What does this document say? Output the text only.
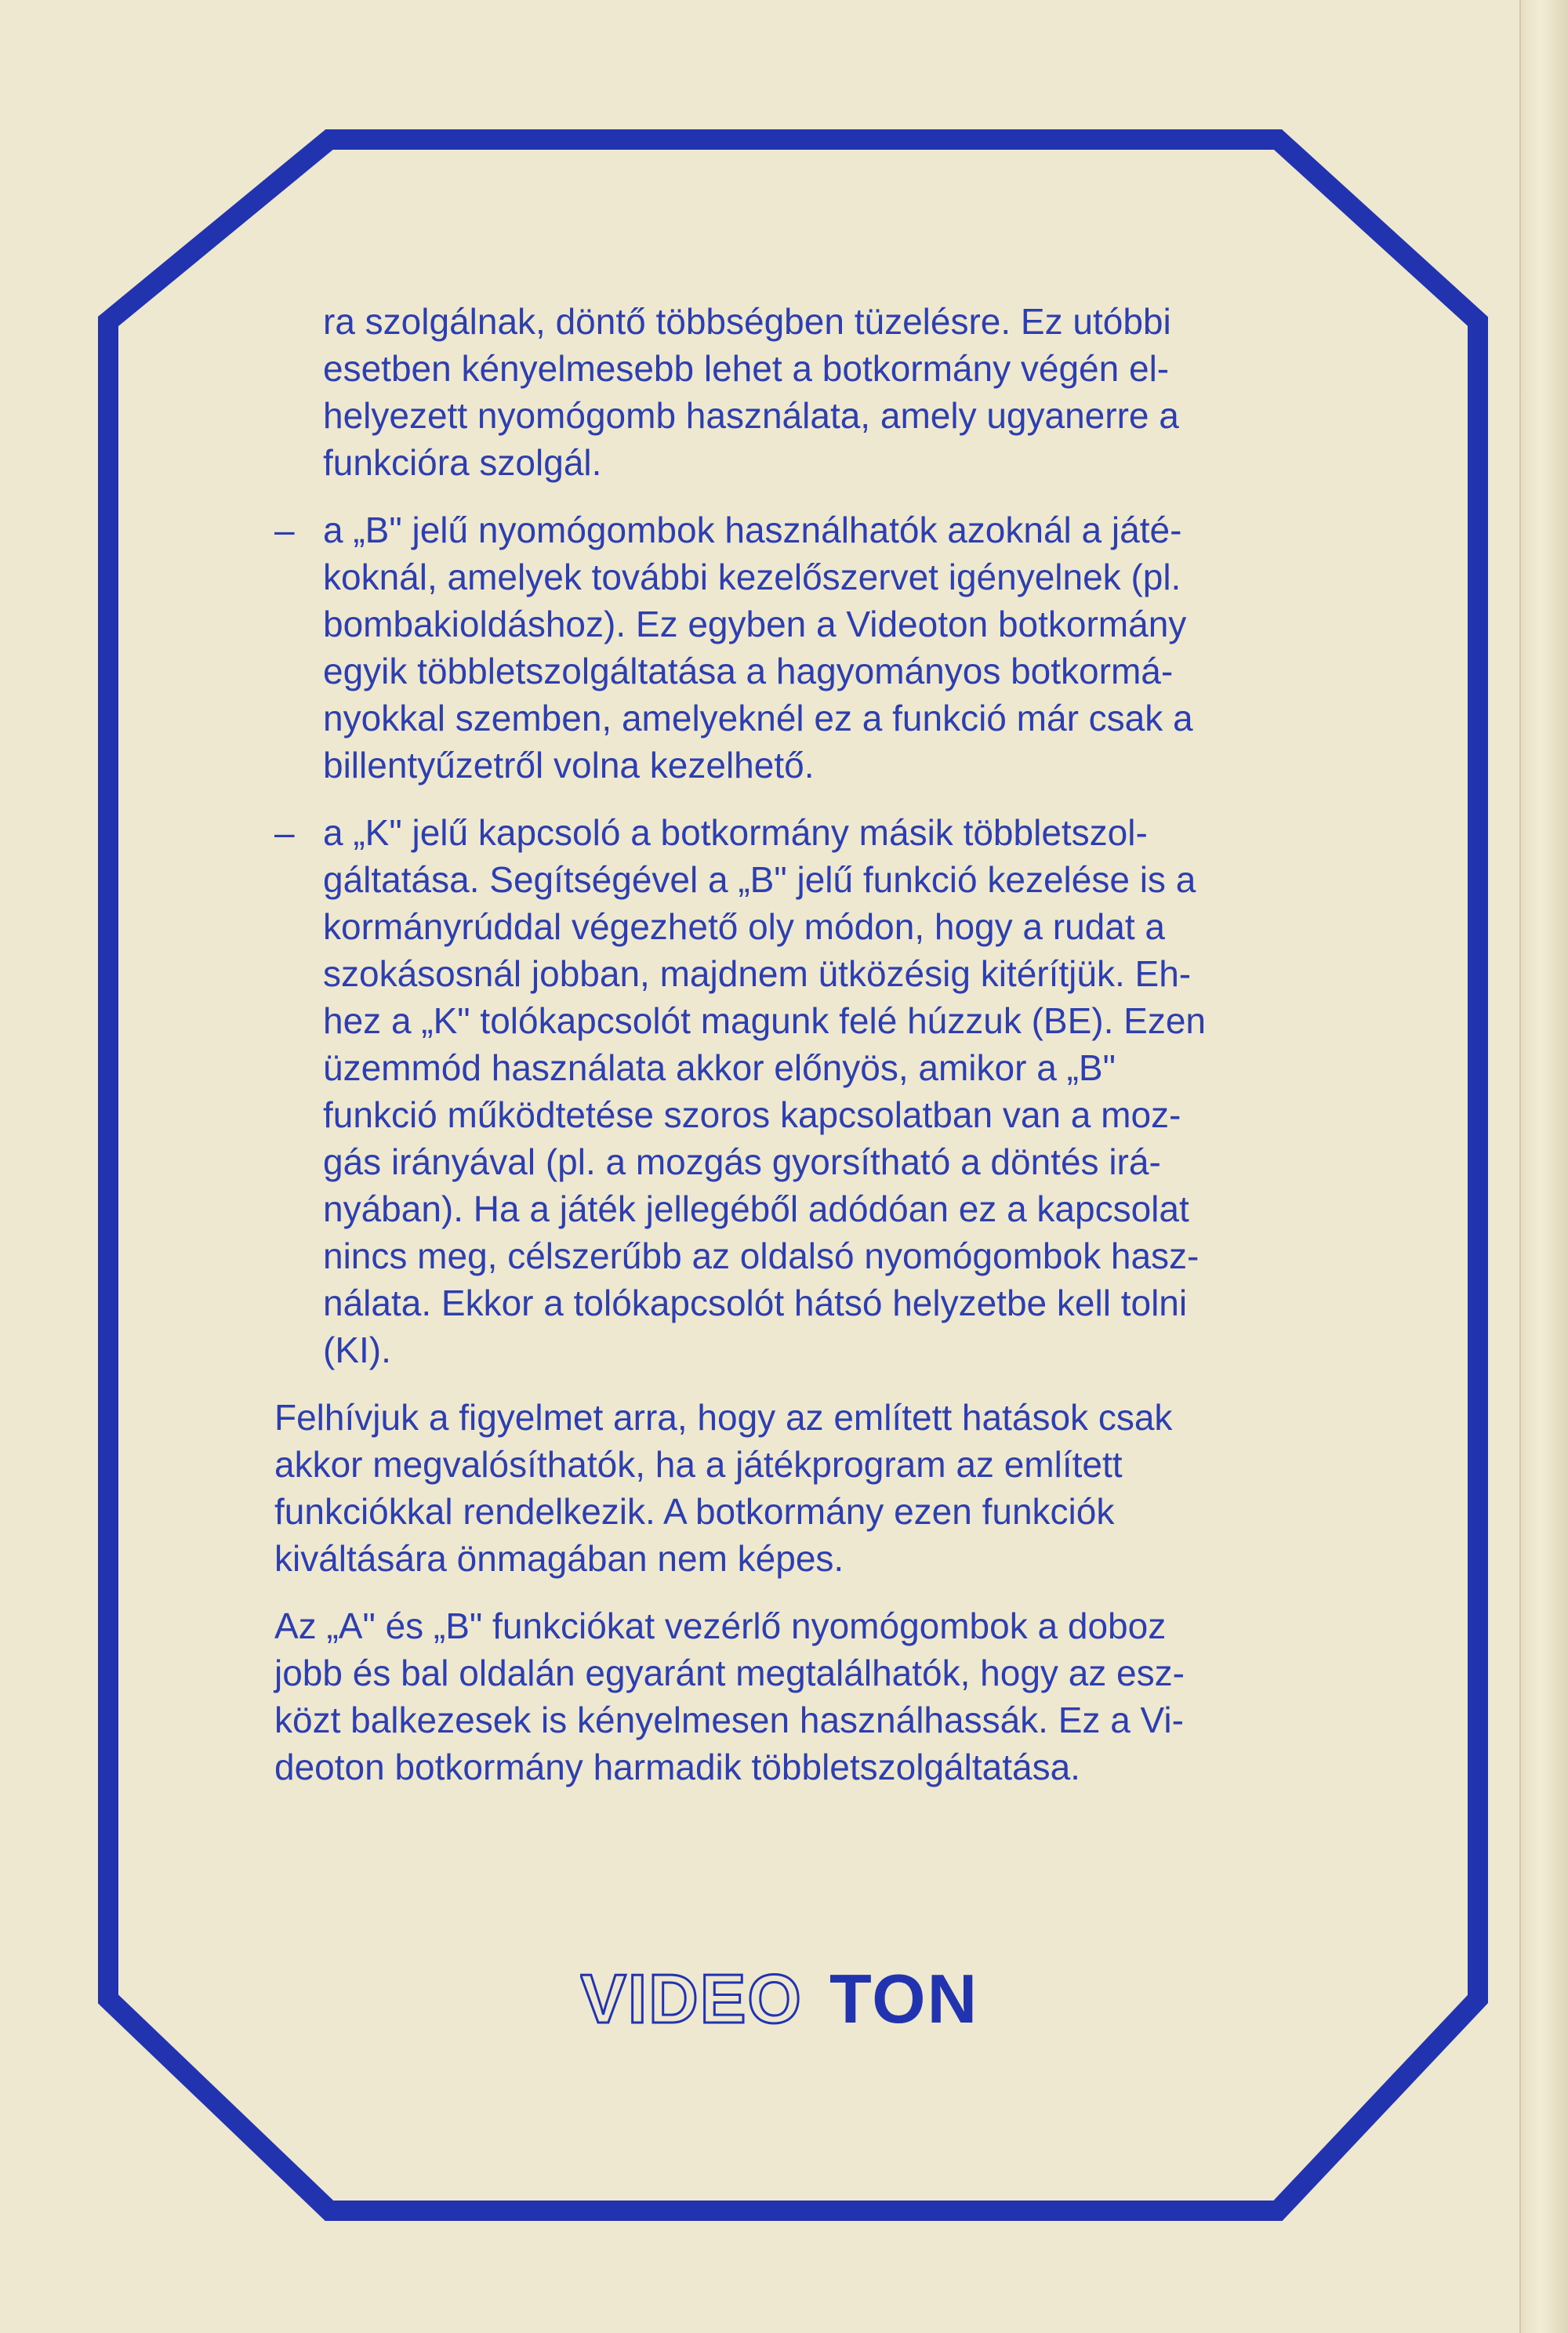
ra szolgálnak, döntő többségben tüzelésre. Ez utóbbi
esetben kényelmesebb lehet a botkormány végén el-
helyezett nyomógomb használata, amely ugyanerre a
funkcióra szolgál.
– a „B" jelű nyomógombok használhatók azoknál a játé-
koknál, amelyek további kezelőszervet igényelnek (pl.
bombakioldáshoz). Ez egyben a Videoton botkormány
egyik többletszolgáltatása a hagyományos botkormá-
nyokkal szemben, amelyeknél ez a funkció már csak a
billentyűzetről volna kezelhető.
– a „K" jelű kapcsoló a botkormány másik többletszol-
gáltatása. Segítségével a „B" jelű funkció kezelése is a
kormányrúddal végezhető oly módon, hogy a rudat a
szokásosnál jobban, majdnem ütközésig kitérítjük. Eh-
hez a „K" tolókapcsolót magunk felé húzzuk (BE). Ezen
üzemmód használata akkor előnyös, amikor a „B"
funkció működtetése szoros kapcsolatban van a moz-
gás irányával (pl. a mozgás gyorsítható a döntés irá-
nyában). Ha a játék jellegéből adódóan ez a kapcsolat
nincs meg, célszerűbb az oldalsó nyomógombok hasz-
nálata. Ekkor a tolókapcsolót hátsó helyzetbe kell tolni
(KI).
Felhívjuk a figyelmet arra, hogy az említett hatások csak
akkor megvalósíthatók, ha a játékprogram az említett
funkciókkal rendelkezik. A botkormány ezen funkciók
kiváltására önmagában nem képes.
Az „A" és „B" funkciókat vezérlő nyomógombok a doboz
jobb és bal oldalán egyaránt megtalálhatók, hogy az esz-
közt balkezesek is kényelmesen használhassák. Ez a Vi-
deoton botkormány harmadik többletszolgáltatása.
VIDEO TON
